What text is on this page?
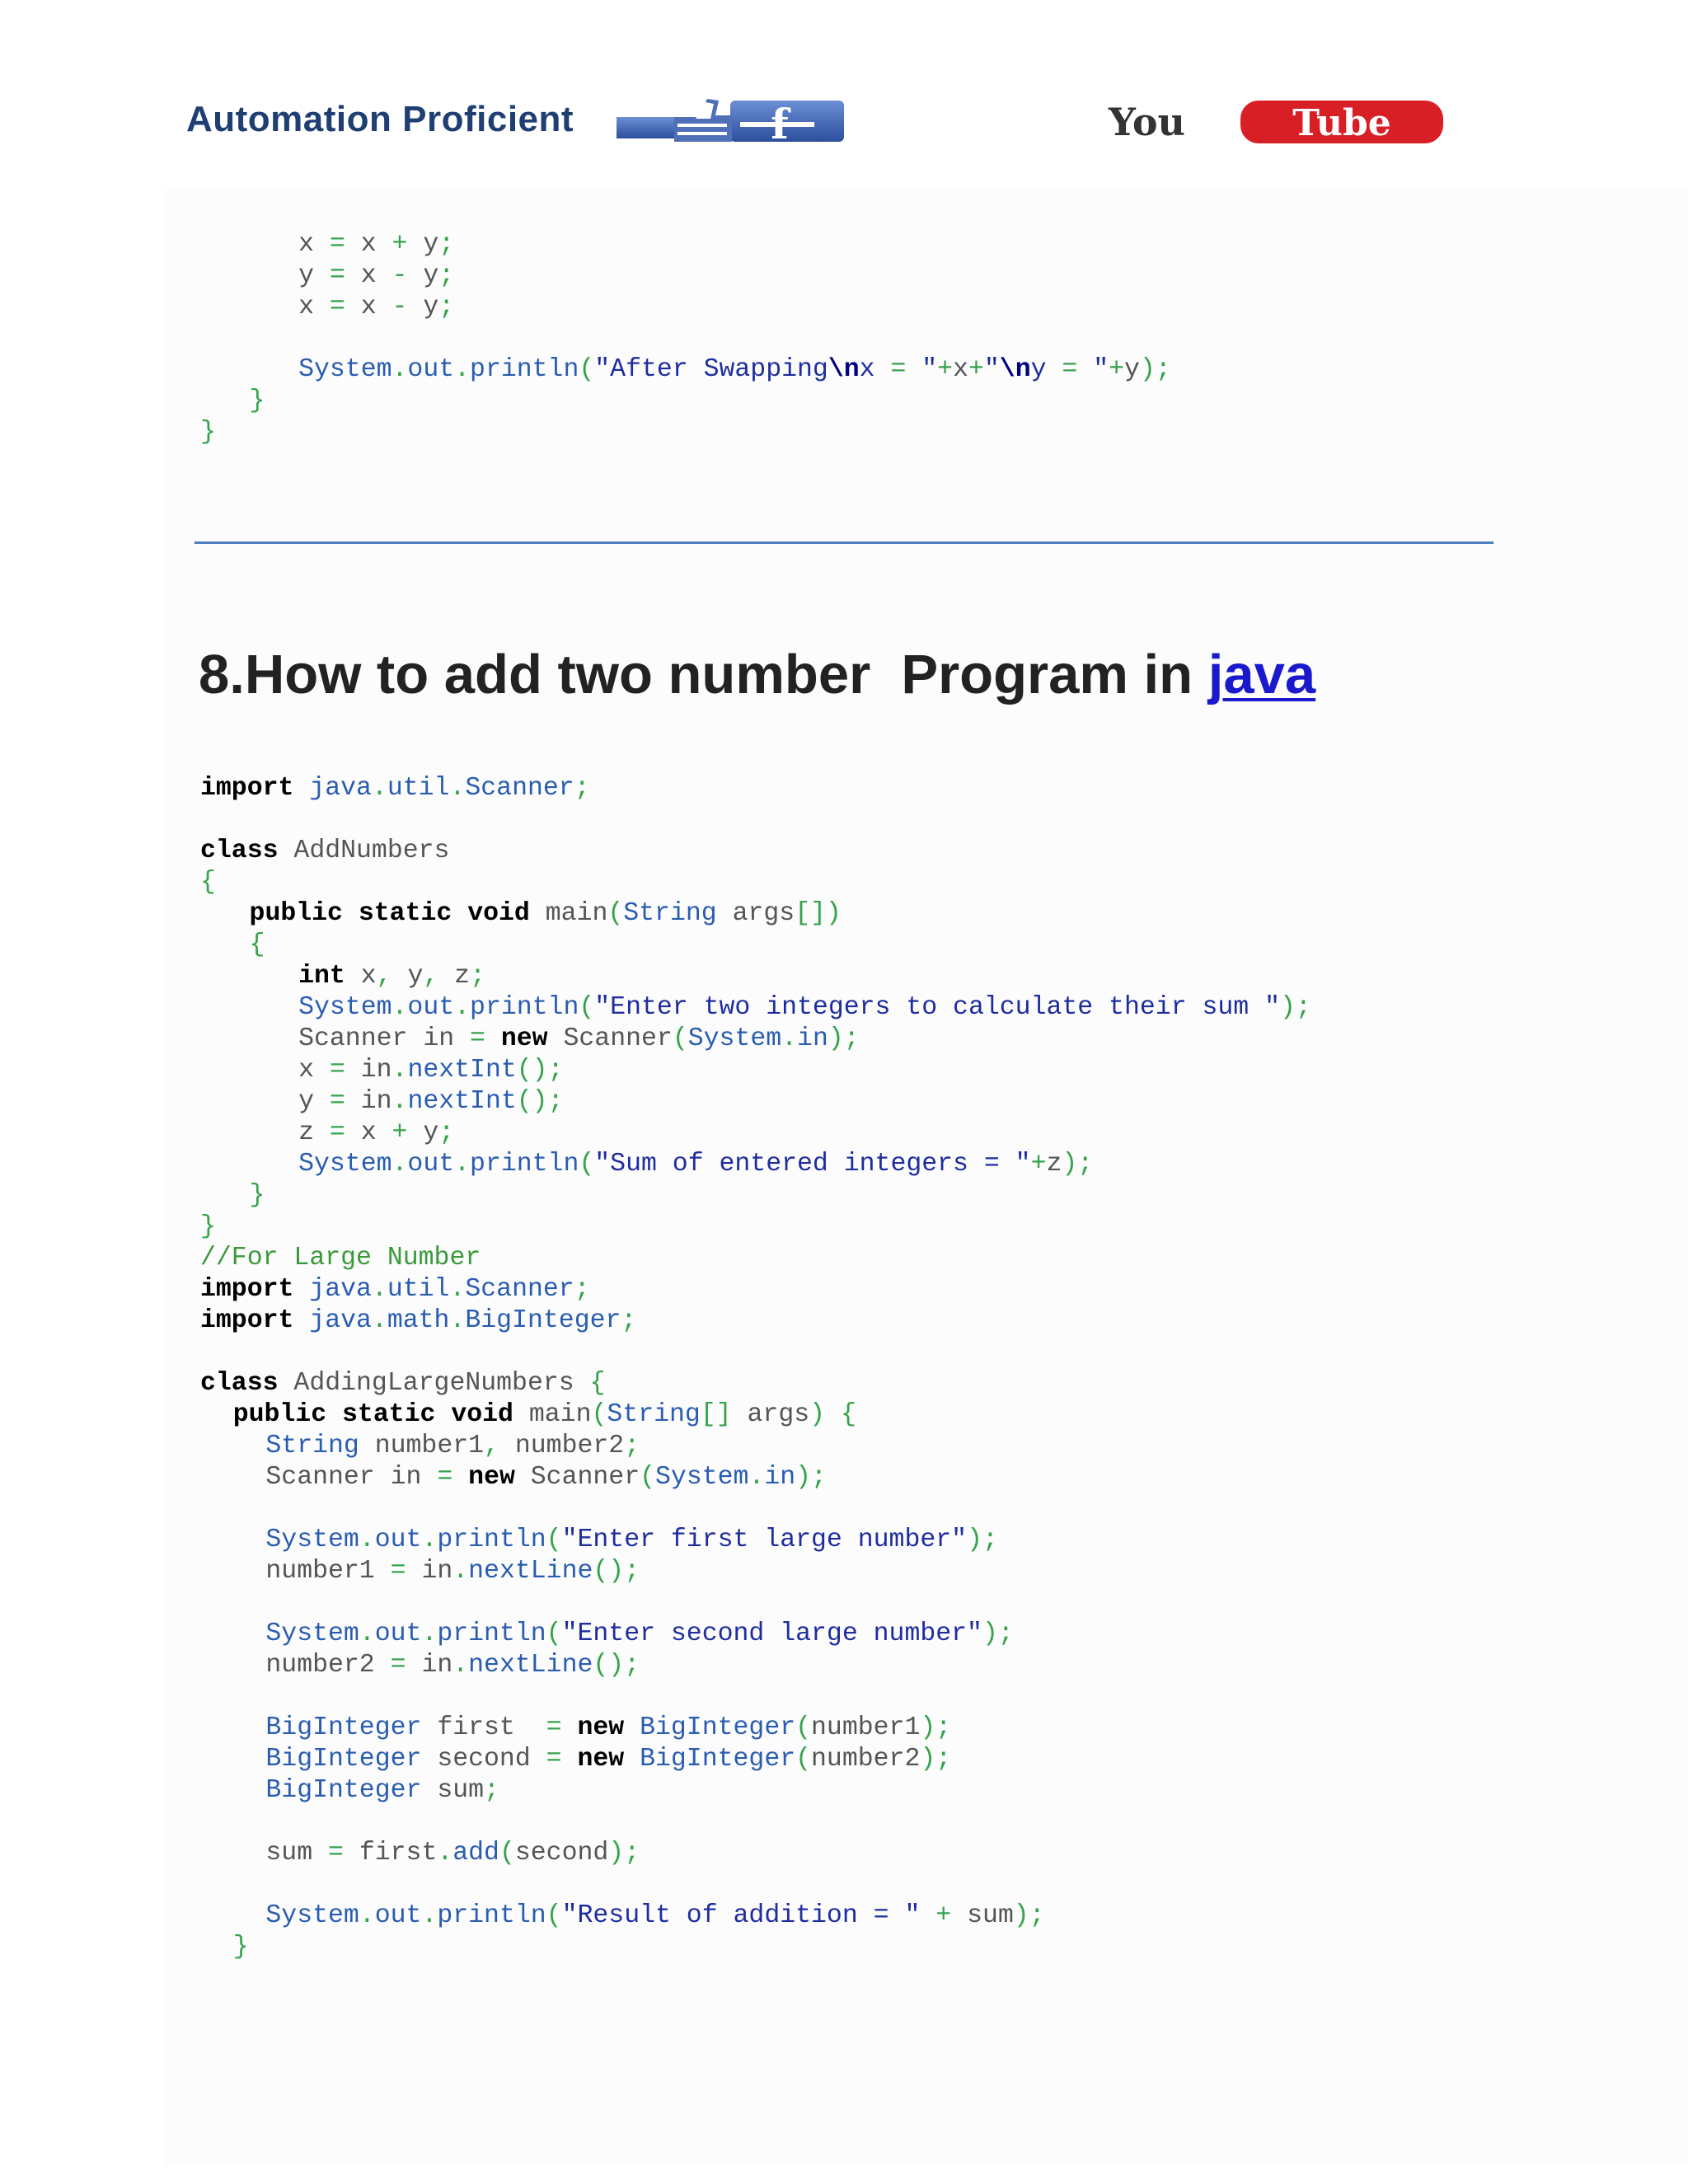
Automation Proficient	You	Tube
x = x + y;
y = x - y;
x = x - y;
System.out.println("After Swapping\nx = "+x+"\ny = "+y);
}
}
8.How to add two number  Program in java
import java.util.Scanner;
class AddNumbers
{
public static void main(String args[])
{
int x, y, z;
System.out.println("Enter two integers to calculate their sum ");
Scanner in = new Scanner(System.in);
x = in.nextInt();
y = in.nextInt();
z = x + y;
System.out.println("Sum of entered integers = "+z);
}
}
//For Large Number
import java.util.Scanner;
import java.math.BigInteger;
class AddingLargeNumbers {
public static void main(String[] args) {
String number1, number2;
Scanner in = new Scanner(System.in);
System.out.println("Enter first large number");
number1 = in.nextLine();
System.out.println("Enter second large number");
number2 = in.nextLine();
BigInteger first  = new BigInteger(number1);
BigInteger second = new BigInteger(number2);
BigInteger sum;
sum = first.add(second);
System.out.println("Result of addition = " + sum);
}
